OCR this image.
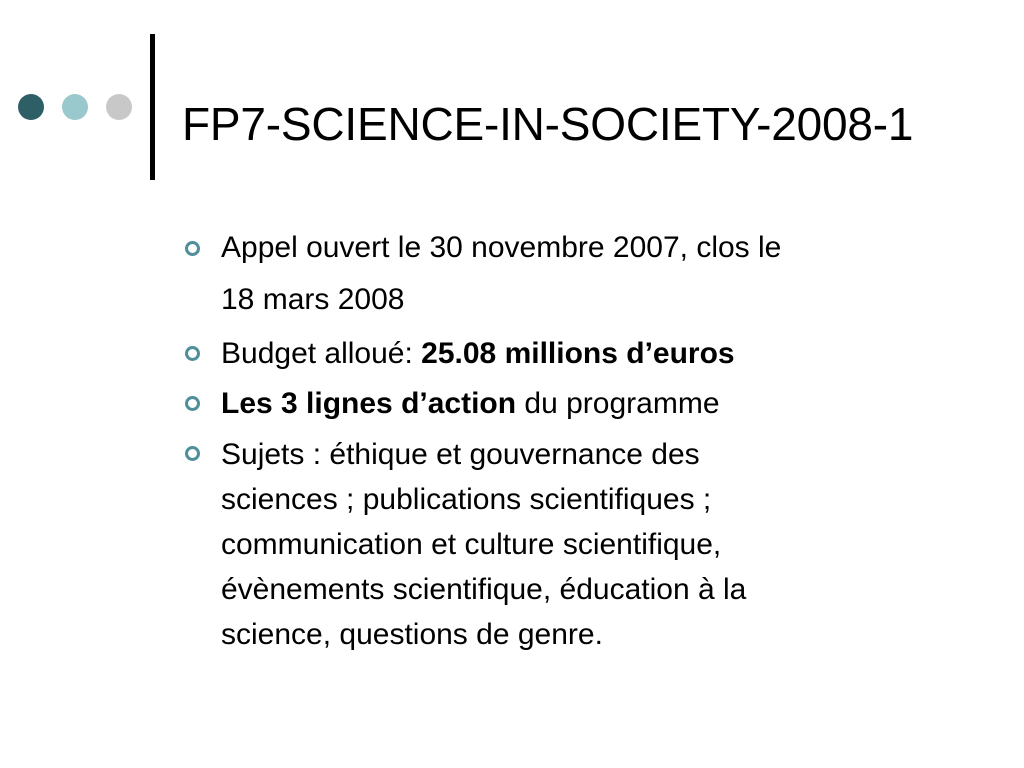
FP7-SCIENCE-IN-SOCIETY-2008-1
Appel ouvert le 30 novembre 2007, clos le
18 mars 2008
Budget alloué: 25.08 millions d’euros
Les 3 lignes d’action du programme
Sujets : éthique et gouvernance des
sciences ; publications scientifiques ;
communication et culture scientifique,
évènements scientifique, éducation à la
science, questions de genre.
